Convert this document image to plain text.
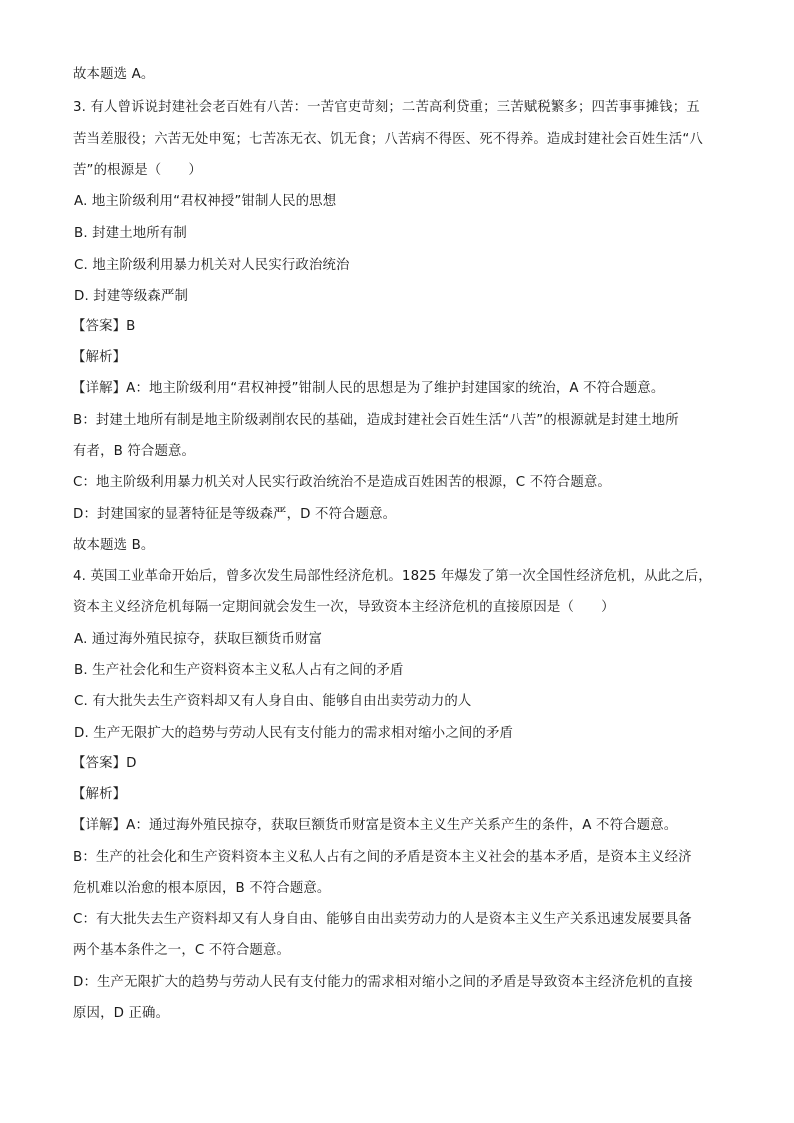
故本题选 A。
3. 有人曾诉说封建社会老百姓有八苦：一苦官吏苛刻；二苦高利贷重；三苦赋税繁多；四苦事事摊钱；五
苦当差服役；六苦无处申冤；七苦冻无衣、饥无食；八苦病不得医、死不得养。造成封建社会百姓生活“八
苦”的根源是（　　）
A. 地主阶级利用“君权神授”钳制人民的思想
B. 封建土地所有制
C. 地主阶级利用暴力机关对人民实行政治统治
D. 封建等级森严制
【答案】B
【解析】
【详解】A：地主阶级利用“君权神授”钳制人民的思想是为了维护封建国家的统治，A 不符合题意。
B：封建土地所有制是地主阶级剥削农民的基础，造成封建社会百姓生活“八苦”的根源就是封建土地所
有者，B 符合题意。
C：地主阶级利用暴力机关对人民实行政治统治不是造成百姓困苦的根源，C 不符合题意。
D：封建国家的显著特征是等级森严，D 不符合题意。
故本题选 B。
4. 英国工业革命开始后，曾多次发生局部性经济危机。1825 年爆发了第一次全国性经济危机，从此之后，
资本主义经济危机每隔一定期间就会发生一次，导致资本主经济危机的直接原因是（　　）
A. 通过海外殖民掠夺，获取巨额货币财富
B. 生产社会化和生产资料资本主义私人占有之间的矛盾
C. 有大批失去生产资料却又有人身自由、能够自由出卖劳动力的人
D. 生产无限扩大的趋势与劳动人民有支付能力的需求相对缩小之间的矛盾
【答案】D
【解析】
【详解】A：通过海外殖民掠夺，获取巨额货币财富是资本主义生产关系产生的条件，A 不符合题意。
B：生产的社会化和生产资料资本主义私人占有之间的矛盾是资本主义社会的基本矛盾，是资本主义经济
危机难以治愈的根本原因，B 不符合题意。
C：有大批失去生产资料却又有人身自由、能够自由出卖劳动力的人是资本主义生产关系迅速发展要具备
两个基本条件之一，C 不符合题意。
D：生产无限扩大的趋势与劳动人民有支付能力的需求相对缩小之间的矛盾是导致资本主经济危机的直接
原因，D 正确。
